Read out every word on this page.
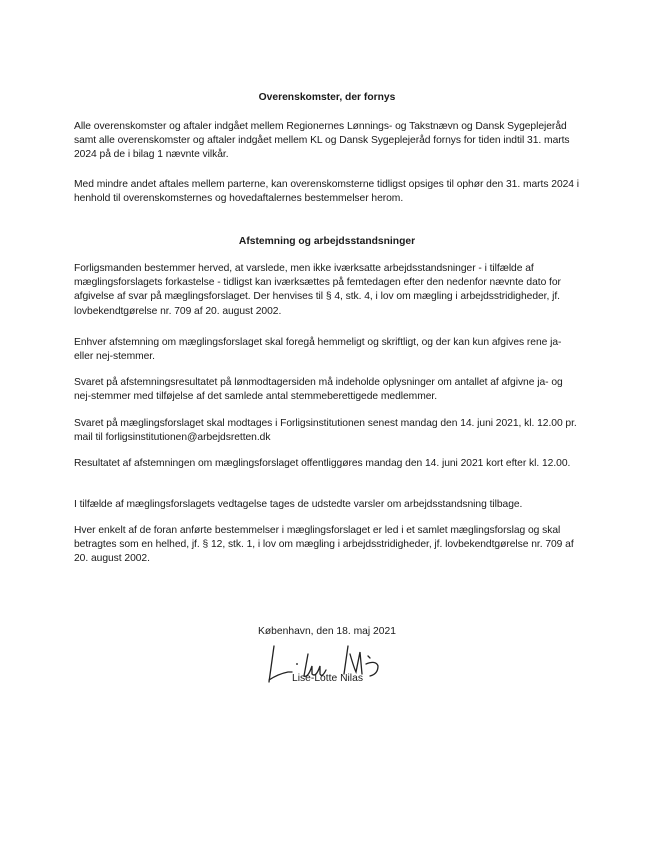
Overenskomster, der fornys
Alle overenskomster og aftaler indgået mellem Regionernes Lønnings- og Takstnævn og Dansk Sygeplejeråd samt alle overenskomster og aftaler indgået mellem KL og Dansk Sygeplejeråd fornys for tiden indtil 31. marts 2024 på de i bilag 1 nævnte vilkår.
Med mindre andet aftales mellem parterne, kan overenskomsterne tidligst opsiges til ophør den 31. marts 2024 i henhold til overenskomsternes og hovedaftalernes bestemmelser herom.
Afstemning og arbejdsstandsninger
Forligsmanden bestemmer herved, at varslede, men ikke iværksatte arbejdsstandsninger - i tilfælde af mæglingsforslagets forkastelse - tidligst kan iværksættes på femtedagen efter den nedenfor nævnte dato for afgivelse af svar på mæglingsforslaget. Der henvises til § 4, stk. 4, i lov om mægling i arbejdsstridigheder, jf. lovbekendtgørelse nr. 709 af 20. august 2002.
Enhver afstemning om mæglingsforslaget skal foregå hemmeligt og skriftligt, og der kan kun afgives rene ja- eller nej-stemmer.
Svaret på afstemningsresultatet på lønmodtagersiden må indeholde oplysninger om antallet af afgivne ja- og nej-stemmer med tilføjelse af det samlede antal stemmeberettigede medlemmer.
Svaret på mæglingsforslaget skal modtages i Forligsinstitutionen senest mandag den 14. juni 2021, kl. 12.00 pr. mail til forligsinstitutionen@arbejdsretten.dk
Resultatet af afstemningen om mæglingsforslaget offentliggøres mandag den 14. juni 2021 kort efter kl. 12.00.
I tilfælde af mæglingsforslagets vedtagelse tages de udstedte varsler om arbejdsstandsning tilbage.
Hver enkelt af de foran anførte bestemmelser i mæglingsforslaget er led i et samlet mæglingsforslag og skal betragtes som en helhed, jf. § 12, stk. 1, i lov om mægling i arbejdsstridigheder, jf. lovbekendtgørelse nr. 709 af 20. august 2002.
København, den 18. maj 2021
Lise-Lotte Nilas
